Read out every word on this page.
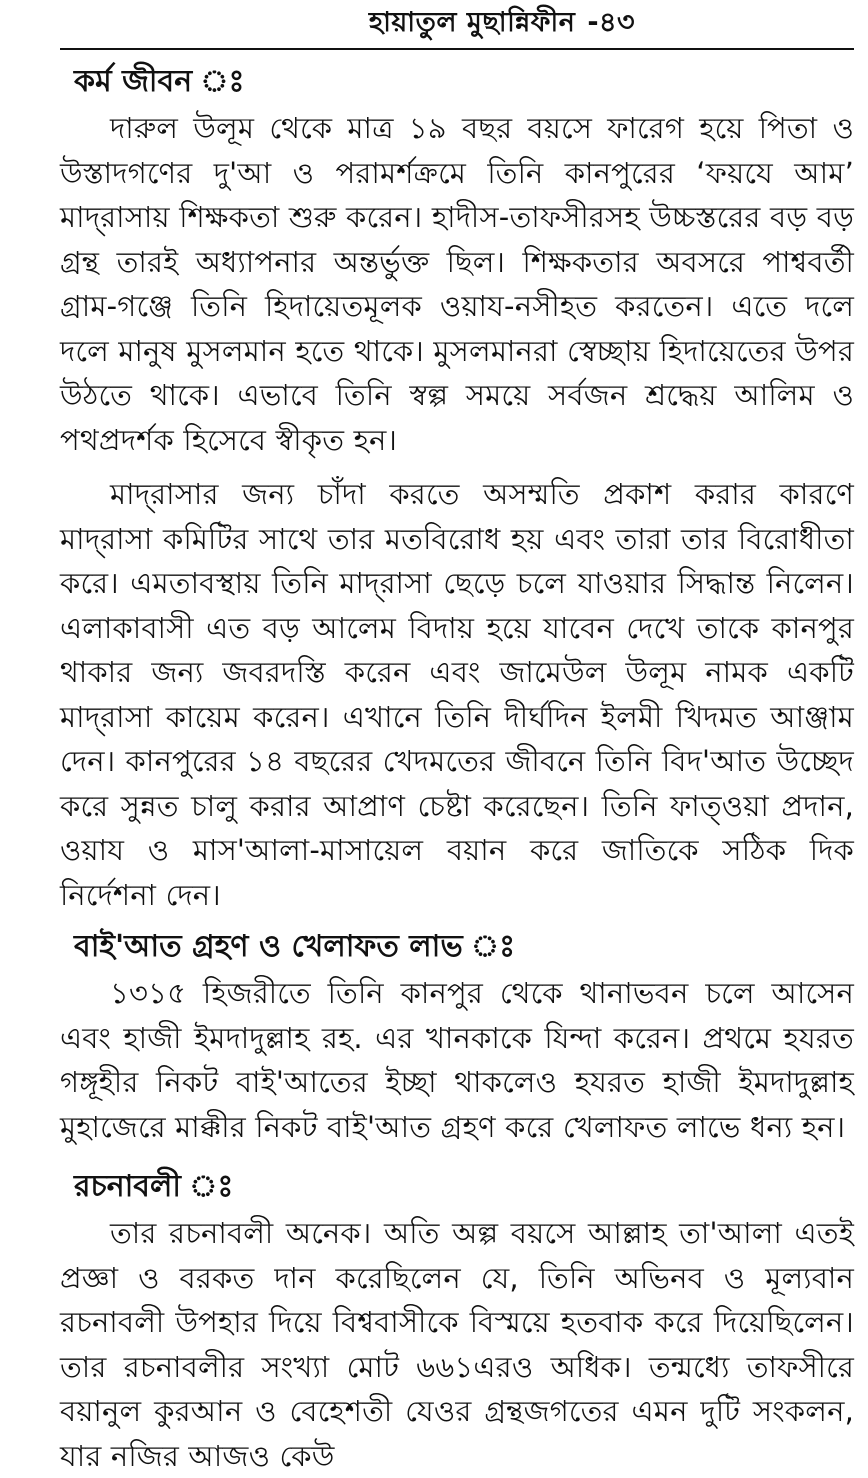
হায়াতুল মুছান্নিফীন -৪৩
কর্ম জীবন ঃ

দারুল উলূম থেকে মাত্র ১৯ বছর বয়সে ফারেগ হয়ে পিতা ও উস্তাদগণের দু'আ ও পরামর্শক্রমে তিনি কানপুরের ‘ফয়যে আম’ মাদ্‌রাসায় শিক্ষকতা শুরু করেন। হাদীস-তাফসীরসহ উচ্চস্তরের বড় বড় গ্রন্থ তারই অধ্যাপনার অন্তর্ভুক্ত ছিল। শিক্ষকতার অবসরে পাশ্ববর্তী গ্রাম-গঞ্জে তিনি হিদায়েতমূলক ওয়ায-নসীহত করতেন। এতে দলে দলে মানুষ মুসলমান হতে থাকে। মুসলমানরা স্বেচ্ছায় হিদায়েতের উপর উঠতে থাকে। এভাবে তিনি স্বল্প সময়ে সর্বজন শ্রদ্ধেয় আলিম ও পথপ্রদর্শক হিসেবে স্বীকৃত হন।

মাদ্‌রাসার জন্য চাঁদা করতে অসম্মতি প্রকাশ করার কারণে মাদ্‌রাসা কমিটির সাথে তার মতবিরোধ হয় এবং তারা তার বিরোধীতা করে। এমতাবস্থায় তিনি মাদ্‌রাসা ছেড়ে চলে যাওয়ার সিদ্ধান্ত নিলেন। এলাকাবাসী এত বড় আলেম বিদায় হয়ে যাবেন দেখে তাকে কানপুর থাকার জন্য জবরদস্তি করেন এবং জামেউল উলূম নামক একটি মাদ্‌রাসা কায়েম করেন। এখানে তিনি দীর্ঘদিন ইলমী খিদমত আঞ্জাম দেন। কানপুরের ১৪ বছরের খেদমতের জীবনে তিনি বিদ'আত উচ্ছেদ করে সুন্নত চালু করার আপ্রাণ চেষ্টা করেছেন। তিনি ফাত্‌ওয়া প্রদান, ওয়ায ও মাস'আলা-মাসায়েল বয়ান করে জাতিকে সঠিক দিক নির্দেশনা দেন।

বাই'আত গ্রহণ ও খেলাফত লাভ ঃ

১৩১৫ হিজরীতে তিনি কানপুর থেকে থানাভবন চলে আসেন এবং হাজী ইমদাদুল্লাহ রহ. এর খানকাকে যিন্দা করেন। প্রথমে হযরত গঙ্গূহীর নিকট বাই'আতের ইচ্ছা থাকলেও হযরত হাজী ইমদাদুল্লাহ মুহাজেরে মাক্কীর নিকট বাই'আত গ্রহণ করে খেলাফত লাভে ধন্য হন।

রচনাবলী ঃ

তার রচনাবলী অনেক। অতি অল্প বয়সে আল্লাহ তা'আলা এতই প্রজ্ঞা ও বরকত দান করেছিলেন যে, তিনি অভিনব ও মূল্যবান রচনাবলী উপহার দিয়ে বিশ্ববাসীকে বিস্ময়ে হতবাক করে দিয়েছিলেন। তার রচনাবলীর সংখ্যা মোট ৬৬১এরও অধিক। তন্মধ্যে তাফসীরে বয়ানুল কুরআন ও বেহেশতী যেওর গ্রন্থজগতের এমন দুটি সংকলন, যার নজির আজও কেউ
